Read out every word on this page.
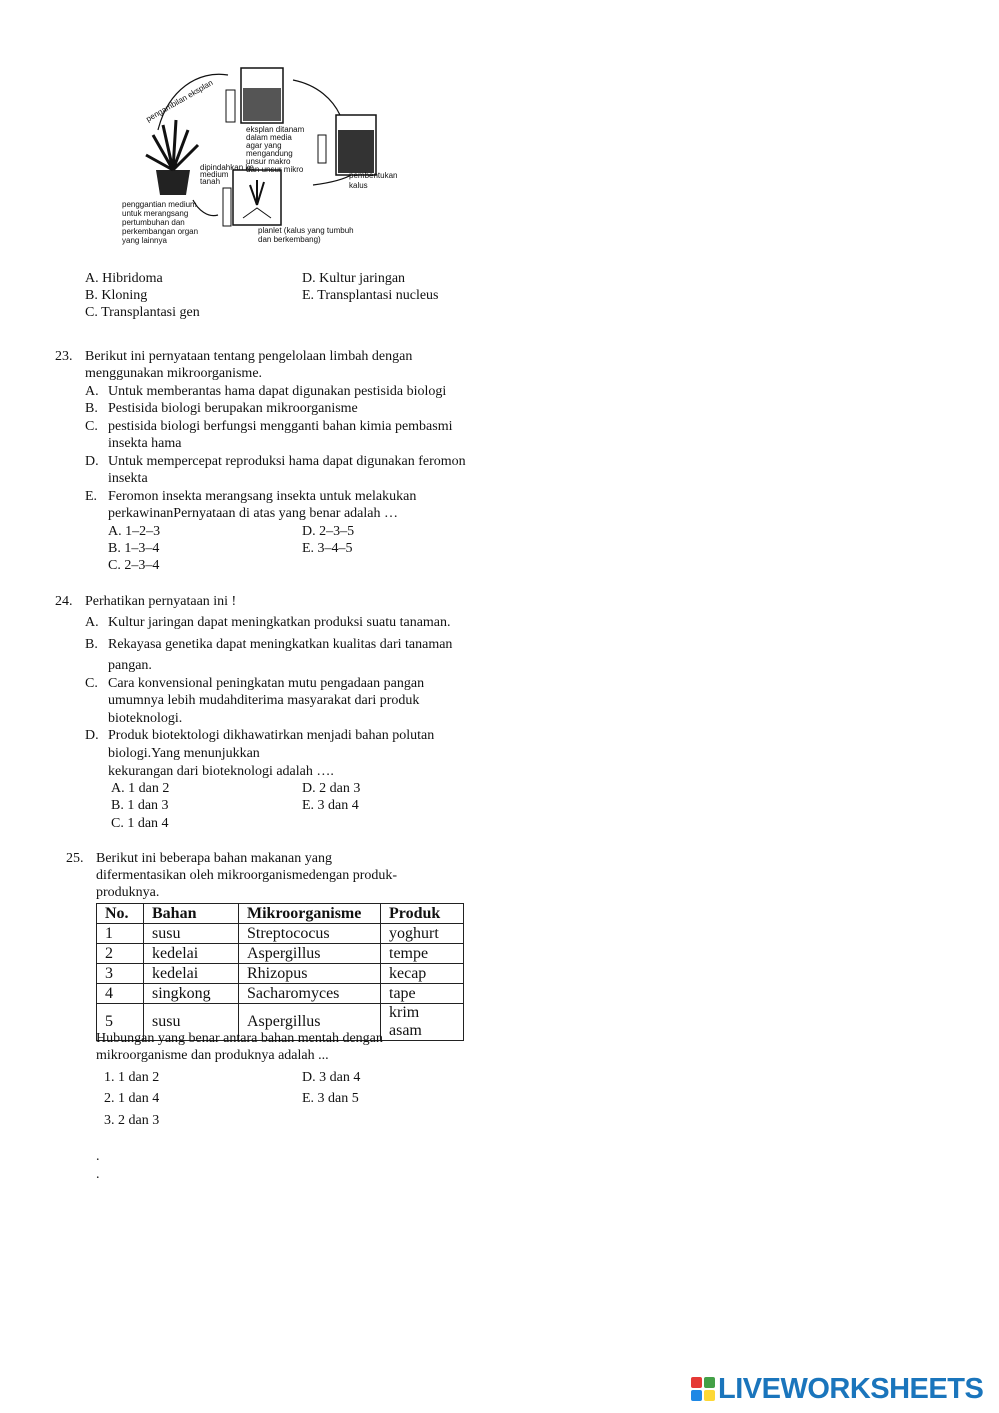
pengambilan eksplan
eksplan ditanam
dalam media
agar yang
mengandung
unsur makro
dan unsur mikro
dipindahkan ke
medium
tanah
pembentukan
kalus
penggantian medium
untuk merangsang
pertumbuhan dan
perkembangan organ
yang lainnya
planlet (kalus yang tumbuh
dan berkembang)
A. Hibridoma
B. Kloning
C. Transplantasi gen
D. Kultur jaringan
E. Transplantasi nucleus
23. Berikut ini pernyataan tentang pengelolaan limbah dengan
menggunakan mikroorganisme.
A. Untuk memberantas hama dapat digunakan pestisida biologi
B. Pestisida biologi berupakan mikroorganisme
C. pestisida biologi berfungsi mengganti bahan kimia pembasmi
insekta hama
D. Untuk mempercepat reproduksi hama dapat digunakan feromon
insekta
E. Feromon insekta merangsang insekta untuk melakukan
perkawinanPernyataan di atas yang benar adalah …
A. 1–2–3
B. 1–3–4
C. 2–3–4
D. 2–3–5
E. 3–4–5
24. Perhatikan pernyataan ini !
A. Kultur jaringan dapat meningkatkan produksi suatu tanaman.
B. Rekayasa genetika dapat meningkatkan kualitas dari tanaman
pangan.
C. Cara konvensional peningkatan mutu pengadaan pangan
umumnya lebih mudahditerima masyarakat dari produk
bioteknologi.
D. Produk biotektologi dikhawatirkan menjadi bahan polutan
biologi.Yang menunjukkan
kekurangan dari bioteknologi adalah ….
A. 1 dan 2
B. 1 dan 3
C. 1 dan 4
D. 2 dan 3
E. 3 dan 4
25. Berikut ini beberapa bahan makanan yang
difermentasikan oleh mikroorganismedengan produk-
produknya.
No.	Bahan	Mikroorganisme	Produk
1	susu	Streptococus	yoghurt
2	kedelai	Aspergillus	tempe
3	kedelai	Rhizopus	kecap
4	singkong	Sacharomyces	tape
5	susu	Aspergillus	krim asam
Hubungan yang benar antara bahan mentah dengan
mikroorganisme dan produknya adalah ...
1. 1 dan 2
2. 1 dan 4
3. 2 dan 3
D. 3 dan 4
E. 3 dan 5
.
.
LIVEWORKSHEETS
